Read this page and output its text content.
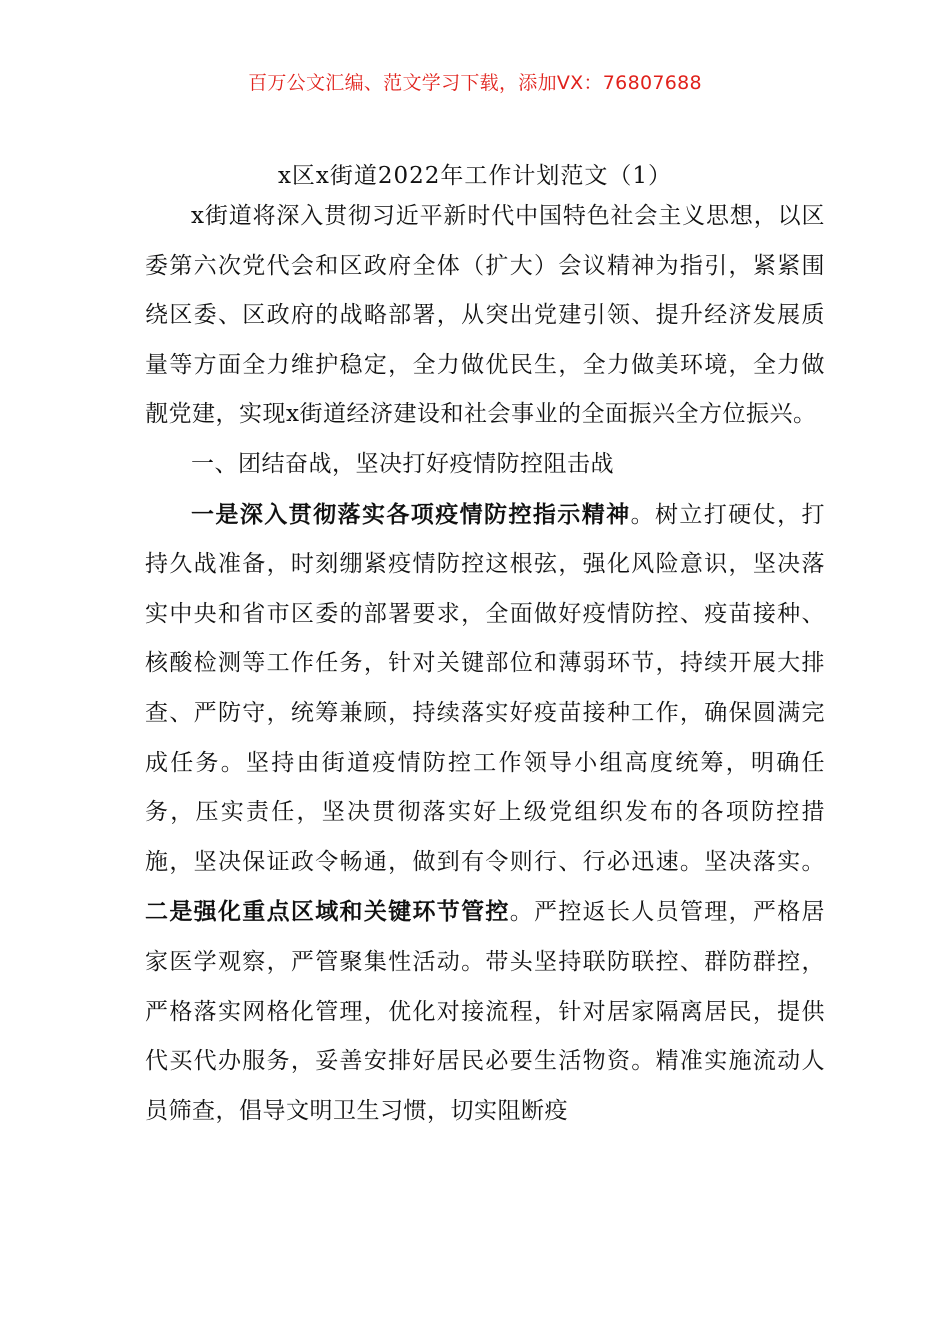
百万公文汇编、范文学习下载，添加VX：76807688
x区x街道2022年工作计划范文（1）

x街道将深入贯彻习近平新时代中国特色社会主义思想，以区委第六次党代会和区政府全体（扩大）会议精神为指引，紧紧围绕区委、区政府的战略部署，从突出党建引领、提升经济发展质量等方面全力维护稳定，全力做优民生，全力做美环境，全力做靓党建，实现x街道经济建设和社会事业的全面振兴全方位振兴。

一、团结奋战，坚决打好疫情防控阻击战

一是深入贯彻落实各项疫情防控指示精神。树立打硬仗，打持久战准备，时刻绷紧疫情防控这根弦，强化风险意识，坚决落实中央和省市区委的部署要求，全面做好疫情防控、疫苗接种、核酸检测等工作任务，针对关键部位和薄弱环节，持续开展大排查、严防守，统筹兼顾，持续落实好疫苗接种工作，确保圆满完成任务。坚持由街道疫情防控工作领导小组高度统筹，明确任务，压实责任，坚决贯彻落实好上级党组织发布的各项防控措施，坚决保证政令畅通，做到有令则行、行必迅速。坚决落实。二是强化重点区域和关键环节管控。严控返长人员管理，严格居家医学观察，严管聚集性活动。带头坚持联防联控、群防群控，严格落实网格化管理，优化对接流程，针对居家隔离居民，提供代买代办服务，妥善安排好居民必要生活物资。精准实施流动人员筛查，倡导文明卫生习惯，切实阻断疫
